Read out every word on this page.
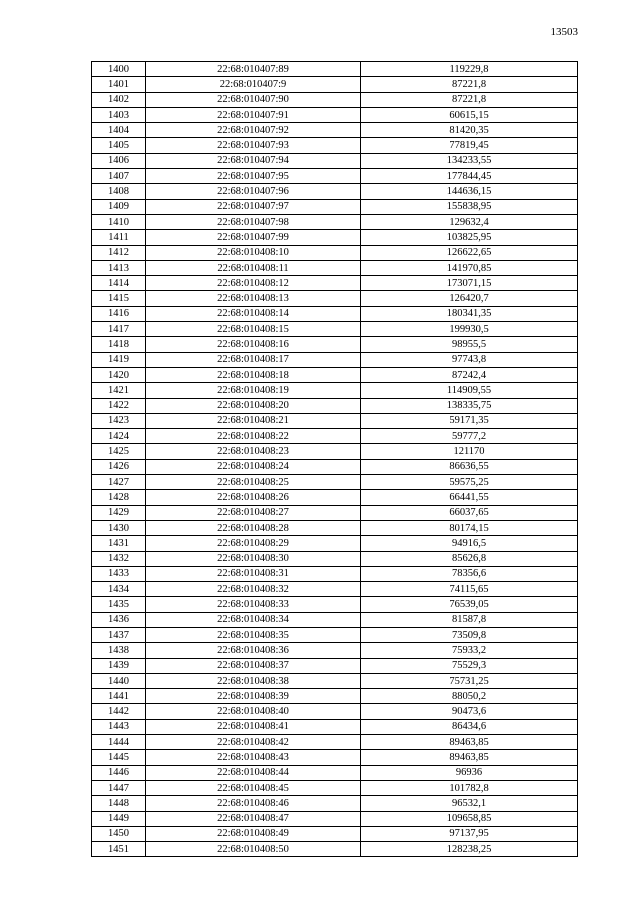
13503
1400	22:68:010407:89	119229,8
1401	22:68:010407:9	87221,8
1402	22:68:010407:90	87221,8
1403	22:68:010407:91	60615,15
1404	22:68:010407:92	81420,35
1405	22:68:010407:93	77819,45
1406	22:68:010407:94	134233,55
1407	22:68:010407:95	177844,45
1408	22:68:010407:96	144636,15
1409	22:68:010407:97	155838,95
1410	22:68:010407:98	129632,4
1411	22:68:010407:99	103825,95
1412	22:68:010408:10	126622,65
1413	22:68:010408:11	141970,85
1414	22:68:010408:12	173071,15
1415	22:68:010408:13	126420,7
1416	22:68:010408:14	180341,35
1417	22:68:010408:15	199930,5
1418	22:68:010408:16	98955,5
1419	22:68:010408:17	97743,8
1420	22:68:010408:18	87242,4
1421	22:68:010408:19	114909,55
1422	22:68:010408:20	138335,75
1423	22:68:010408:21	59171,35
1424	22:68:010408:22	59777,2
1425	22:68:010408:23	121170
1426	22:68:010408:24	86636,55
1427	22:68:010408:25	59575,25
1428	22:68:010408:26	66441,55
1429	22:68:010408:27	66037,65
1430	22:68:010408:28	80174,15
1431	22:68:010408:29	94916,5
1432	22:68:010408:30	85626,8
1433	22:68:010408:31	78356,6
1434	22:68:010408:32	74115,65
1435	22:68:010408:33	76539,05
1436	22:68:010408:34	81587,8
1437	22:68:010408:35	73509,8
1438	22:68:010408:36	75933,2
1439	22:68:010408:37	75529,3
1440	22:68:010408:38	75731,25
1441	22:68:010408:39	88050,2
1442	22:68:010408:40	90473,6
1443	22:68:010408:41	86434,6
1444	22:68:010408:42	89463,85
1445	22:68:010408:43	89463,85
1446	22:68:010408:44	96936
1447	22:68:010408:45	101782,8
1448	22:68:010408:46	96532,1
1449	22:68:010408:47	109658,85
1450	22:68:010408:49	97137,95
1451	22:68:010408:50	128238,25
